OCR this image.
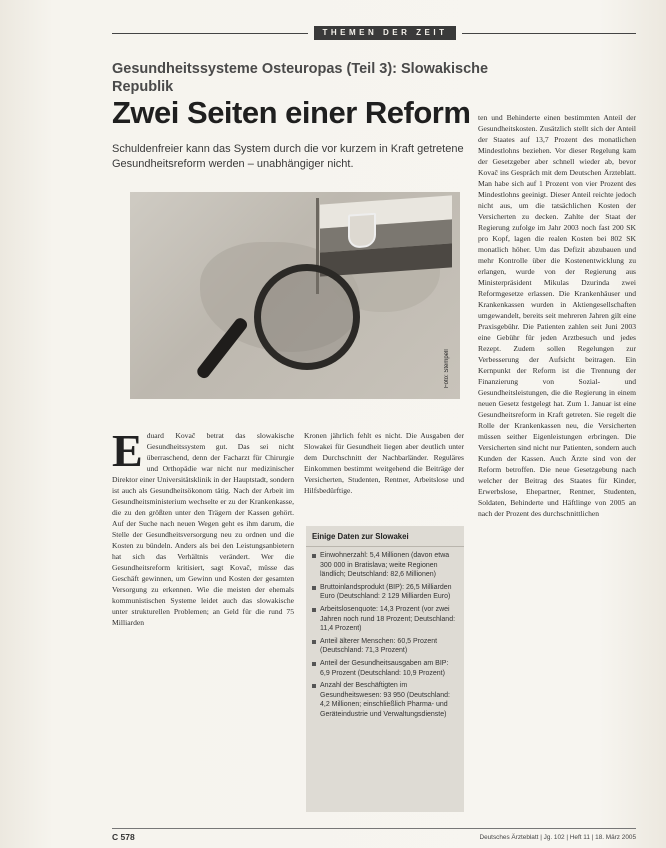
THEMEN DER ZEIT
Gesundheitssysteme Osteuropas (Teil 3): Slowakische Republik
Zwei Seiten einer Reform
Schuldenfreier kann das System durch die vor kurzem in Kraft getretene Gesundheitsreform werden – unabhängiger nicht.
Foto: Stempell
E duard Kovač betrat das slowakische Gesundheitssystem gut. Das sei nicht überraschend, denn der Facharzt für Chirurgie und Orthopädie war nicht nur medizinischer Direktor einer Universitätsklinik in der Hauptstadt, sondern ist auch als Gesundheitsökonom tätig. Nach der Arbeit im Gesundheitsministerium wechselte er zu der Krankenkasse, die zu den größten unter den Trägern der Kassen gehört. Auf der Suche nach neuen Wegen geht es ihm darum, die Stelle der Gesundheitsversorgung neu zu ordnen und die Kosten zu bündeln. Anders als bei den Leistungsanbietern hat sich das Verhältnis verändert. Wer die Gesundheitsreform kritisiert, sagt Kovač, müsse das Geschäft gewinnen, um Gewinn und Kosten der gesamten Versorgung zu erkennen. Wie die meisten der ehemals kommunistischen Systeme leidet auch das slowakische unter strukturellen Problemen; an Geld für die rund 75 Milliarden

Kronen jährlich fehlt es nicht. Die Ausgaben der Slowakei für Gesundheit liegen aber deutlich unter dem Durchschnitt der Nachbarländer. Reguläres Einkommen bestimmt weitgehend die Beiträge der Versicherten, Studenten, Rentner, Arbeitslose und Hilfsbedürftige.

Einige Daten zur Slowakei
Einwohnerzahl: 5,4 Millionen (davon etwa 300 000 in Bratislava; weite Regionen ländlich; Deutschland: 82,6 Millionen)
Bruttoinlandsprodukt (BIP): 26,5 Milliarden Euro (Deutschland: 2 129 Milliarden Euro)
Arbeitslosenquote: 14,3 Prozent (vor zwei Jahren noch rund 18 Prozent; Deutschland: 11,4 Prozent)
Anteil älterer Menschen: 60,5 Prozent (Deutschland: 71,3 Prozent)
Anteil der Gesundheitsausgaben am BIP: 6,9 Prozent (Deutschland: 10,9 Prozent)
Anzahl der Beschäftigten im Gesundheitswesen: 93 950 (Deutschland: 4,2 Millionen; einschließlich Pharma- und Geräteindustrie und Verwaltungsdienste)

ten und Behinderte einen bestimmten Anteil der Gesundheitskosten. Zusätzlich stellt sich der Anteil der Staates auf 13,7 Prozent des monatlichen Mindestlohns beziehen. Vor dieser Regelung kam der Gesetzgeber aber schnell wieder ab, bevor Kovač ins Gespräch mit dem Deutschen Ärzteblatt. Man habe sich auf 1 Prozent von vier Prozent des Mindestlohns geeinigt. Dieser Anteil reichte jedoch nicht aus, um die tatsächlichen Kosten der Versicherten zu decken. Zahlte der Staat der Regierung zufolge im Jahr 2003 noch fast 200 SK pro Kopf, lagen die realen Kosten bei 802 SK monatlich höher. Um das Defizit abzubauen und mehr Kontrolle über die Kostenentwicklung zu erlangen, wurde von der Regierung aus Ministerpräsident Mikulas Dzurinda zwei Reformgesetze erlassen. Die Krankenhäuser und Krankenkassen wurden in Aktiengesellschaften umgewandelt, bereits seit mehreren Jahren gilt eine Praxisgebühr. Die Patienten zahlen seit Juni 2003 eine Gebühr für jeden Arztbesuch und jedes Rezept. Zudem sollen Regelungen zur Verbesserung der Aufsicht beitragen. Ein Kernpunkt der Reform ist die Trennung der Finanzierung von Sozial- und Gesundheitsleistungen, die die Regierung in einem neuen Gesetz festgelegt hat. Zum 1. Januar ist eine Gesundheitsreform in Kraft getreten. Sie regelt die Rolle der Krankenkassen neu, die Versicherten müssen seither Eigenleistungen erbringen. Die Versicherten sind nicht nur Patienten, sondern auch Kunden der Kassen. Auch Ärzte sind von der Reform betroffen. Die neue Gesetzgebung nach welcher der Beitrag des Staates für Kinder, Erwerbslose, Ehepartner, Rentner, Studenten, Soldaten, Behinderte und Häftlinge von 2005 an nach der Prozent des durchschnittlichen

C 578	Deutsches Ärzteblatt | Jg. 102 | Heft 11 | 18. März 2005
